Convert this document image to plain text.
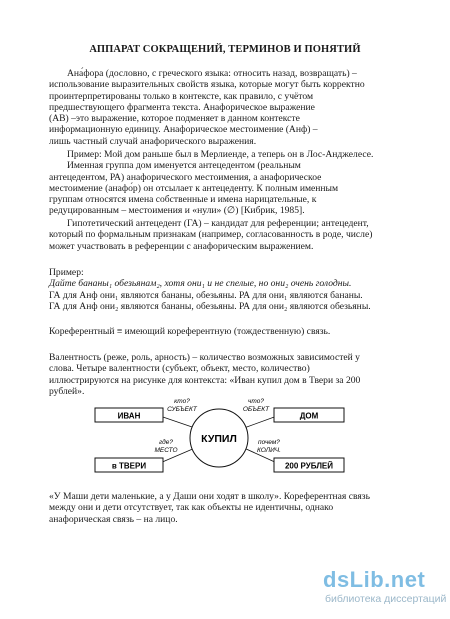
АППАРАТ СОКРАЩЕНИЙ, ТЕРМИНОВ И ПОНЯТИЙ
Ана́фора (дословно, с греческого языка: относить назад, возвращать) –
использование выразительных свойств языка, которые могут быть корректно
проинтерпретированы только в контексте, как правило, с учётом
предшествующего фрагмента текста. Анафорическое выражение
(АВ) –это выражение, которое подменяет в данном контексте
информационную единицу. Анафорическое местоимение (Анф) –
лишь частный случай анафорического выражения.
Пример: Мой дом раньше был в Мерлиенде, а теперь он в Лос-Анджелесе.
Именная группа дом именуется антецедентом (реальным
антецедентом, РА) анафорического местоимения, а анафорическое
местоимение (анафо́р) он отсылает к антецеденту. К полным именным
группам относятся имена собственные и имена нарицательные, к
редуцированным – местоимения и «нули» (∅) [Кибрик, 1985].
Гипотетический антецедент (ГА) – кандидат для референции; антецедент,
который по формальным признакам (например, согласованность в роде, числе)
может участвовать в референции с анафорическим выражением.
Пример:
Дайте бананы₁ обезьянам₂, хотя они₁ и не спелые, но они₂ очень голодны.
ГА для Анф они₁ являются бананы, обезьяны. РА для они₁ являются бананы.
ГА для Анф они₂ являются бананы, обезьяны. РА для они₂ являются обезьяны.
Кореферентный ≡ имеющий кореферентную (тождественную) связь.
Валентность (реже, роль, арность) – количество возможных зависимостей у
слова. Четыре валентности (субъект, объект, место, количество)
иллюстрируются на рисунке для контекста: «Иван купил дом в Твери за 200
рублей».
ИВАН	ДОМ
в ТВЕРИ	200 РУБЛЕЙ
КУПИЛ
кто?
СУБЪЕКТ
что?
ОБЪЕКТ
где?
МЕСТО
почем?
КОЛИЧ.
«У Маши дети маленькие, а у Даши они ходят в школу». Кореферентная связь
между они и дети отсутствует, так как объекты не идентичны, однако
анафорическая связь – на лицо.
dsLib.net
библиотека диссертаций
